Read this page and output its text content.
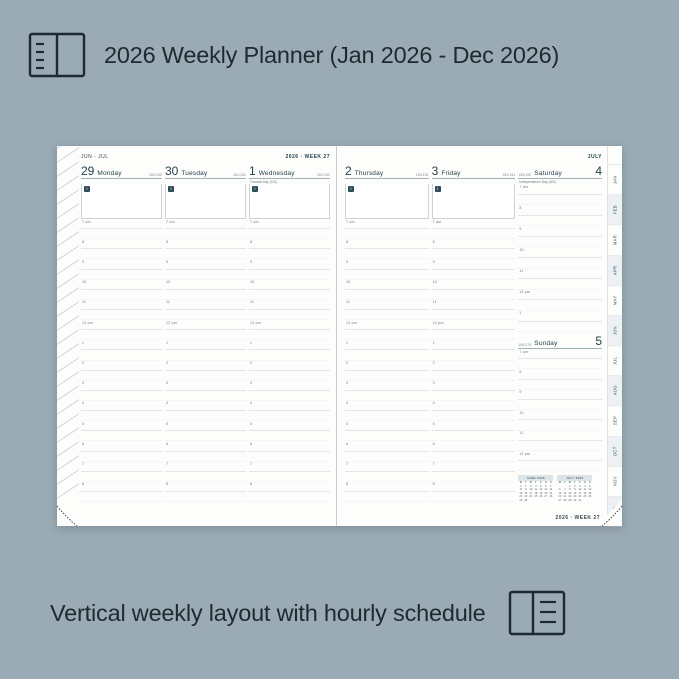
2026 Weekly Planner (Jan 2026 - Dec 2026)
JUN - JUL	2026 · WEEK 27
29 Monday	180/185

i
7 am
8
9
10
11
12 pm
1
2
3
4
5
6
7
8
30 Tuesday	181/184

i
7 am
8
9
10
11
12 pm
1
2
3
4
5
6
7
8
1 Wednesday	182/183
Canada Day (CA)
i
7 am
8
9
10
11
12 pm
1
2
3
4
5
6
7
8
JULY
2 Thursday	183/182

i
7 am
8
9
10
11
12 pm
1
2
3
4
5
6
7
8
3 Friday	184/181

i
7 am
8
9
10
11
12 pm
1
2
3
4
5
6
7
8
185/180 Saturday	4
Independence Day (US)
7 am
8
9
10
11
12 pm
1
186/179 Sunday	5
7 am
8
9
10
11
12 pm
JUNE 2026
M	T	W	T	F	S	S
1	2	3	4	5	6	7
8	9	10	11	12	13	14
15	16	17	18	19	20	21
22	23	24	25	26	27	28
29	30					
JULY 2026
M	T	W	T	F	S	S
		1	2	3	4	5
6	7	8	9	10	11	12
13	14	15	16	17	18	19
20	21	22	23	24	25	26
27	28	29	30	31		
2026 · WEEK 27
JAN
FEB
MAR
APR
MAY
JUN
JUL
AUG
SEP
OCT
NOV
Vertical weekly layout with hourly schedule
